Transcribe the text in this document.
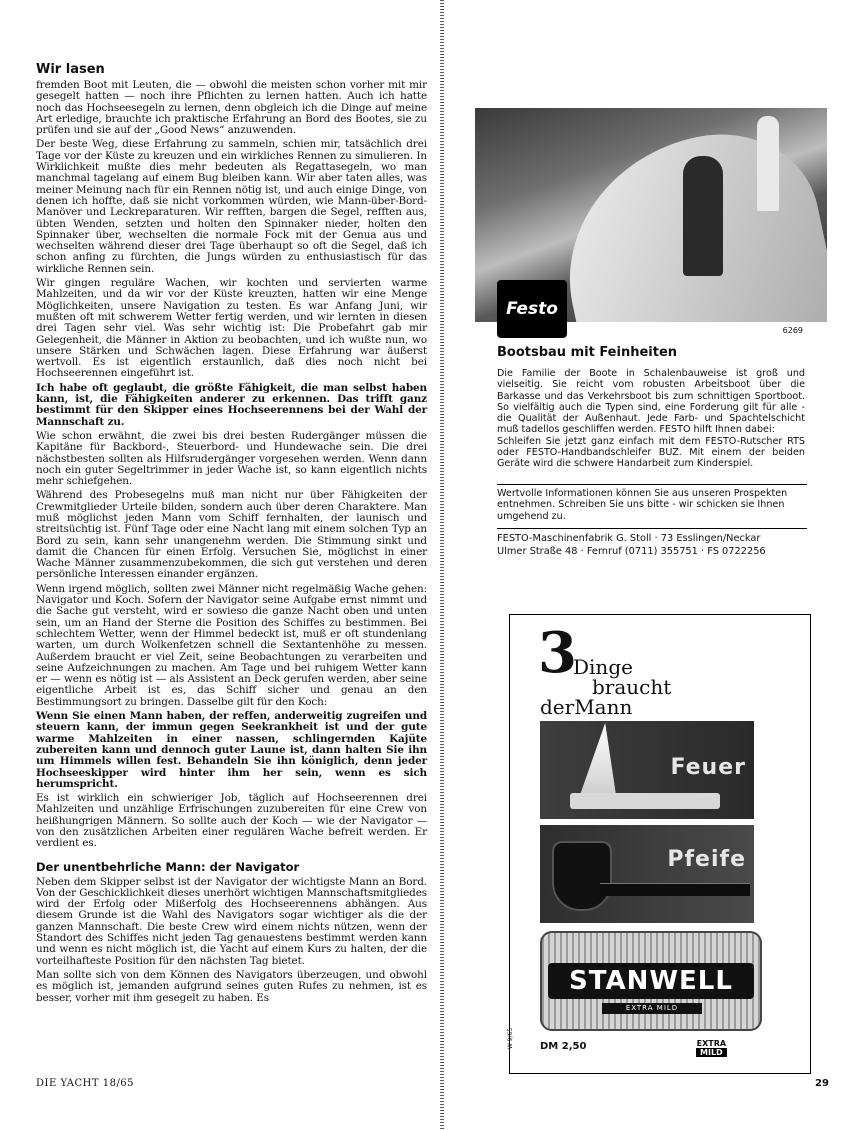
Wir lasen

fremden Boot mit Leuten, die — obwohl die meisten schon vorher mit mir gesegelt hatten — noch ihre Pflichten zu lernen hatten. Auch ich hatte noch das Hochseesegeln zu lernen, denn obgleich ich die Dinge auf meine Art erledige, brauchte ich praktische Erfahrung an Bord des Bootes, sie zu prüfen und sie auf der „Good News“ anzuwenden.

Der beste Weg, diese Erfahrung zu sammeln, schien mir, tatsächlich drei Tage vor der Küste zu kreuzen und ein wirkliches Rennen zu simulieren. In Wirklichkeit mußte dies mehr bedeuten als Regattasegeln, wo man manchmal tagelang auf einem Bug bleiben kann. Wir aber taten alles, was meiner Meinung nach für ein Rennen nötig ist, und auch einige Dinge, von denen ich hoffte, daß sie nicht vorkommen würden, wie Mann-über-Bord-Manöver und Leckreparaturen. Wir refften, bargen die Segel, refften aus, übten Wenden, setzten und holten den Spinnaker nieder, holten den Spinnaker über, wechselten die normale Fock mit der Genua aus und wechselten während dieser drei Tage überhaupt so oft die Segel, daß ich schon anfing zu fürchten, die Jungs würden zu enthusiastisch für das wirkliche Rennen sein.

Wir gingen reguläre Wachen, wir kochten und servierten warme Mahlzeiten, und da wir vor der Küste kreuzten, hatten wir eine Menge Möglichkeiten, unsere Navigation zu testen. Es war Anfang Juni, wir mußten oft mit schwerem Wetter fertig werden, und wir lernten in diesen drei Tagen sehr viel. Was sehr wichtig ist: Die Probefahrt gab mir Gelegenheit, die Männer in Aktion zu beobachten, und ich wußte nun, wo unsere Stärken und Schwächen lagen. Diese Erfahrung war äußerst wertvoll. Es ist eigentlich erstaunlich, daß dies noch nicht bei Hochseerennen eingeführt ist.

Ich habe oft geglaubt, die größte Fähigkeit, die man selbst haben kann, ist, die Fähigkeiten anderer zu erkennen. Das trifft ganz bestimmt für den Skipper eines Hochseerennens bei der Wahl der Mannschaft zu.

Wie schon erwähnt, die zwei bis drei besten Rudergänger müssen die Kapitäne für Backbord-, Steuerbord- und Hundewache sein. Die drei nächstbesten sollten als Hilfsrudergänger vorgesehen werden. Wenn dann noch ein guter Segeltrimmer in jeder Wache ist, so kann eigentlich nichts mehr schiefgehen.

Während des Probesegelns muß man nicht nur über Fähigkeiten der Crewmitglieder Urteile bilden, sondern auch über deren Charaktere. Man muß möglichst jeden Mann vom Schiff fernhalten, der launisch und streitsüchtig ist. Fünf Tage oder eine Nacht lang mit einem solchen Typ an Bord zu sein, kann sehr unangenehm werden. Die Stimmung sinkt und damit die Chancen für einen Erfolg. Versuchen Sie, möglichst in einer Wache Männer zusammenzubekommen, die sich gut verstehen und deren persönliche Interessen einander ergänzen.

Wenn irgend möglich, sollten zwei Männer nicht regelmäßig Wache gehen: Navigator und Koch. Sofern der Navigator seine Aufgabe ernst nimmt und die Sache gut versteht, wird er sowieso die ganze Nacht oben und unten sein, um an Hand der Sterne die Position des Schiffes zu bestimmen. Bei schlechtem Wetter, wenn der Himmel bedeckt ist, muß er oft stundenlang warten, um durch Wolkenfetzen schnell die Sextantenhöhe zu messen. Außerdem braucht er viel Zeit, seine Beobachtungen zu verarbeiten und seine Aufzeichnungen zu machen. Am Tage und bei ruhigem Wetter kann er — wenn es nötig ist — als Assistent an Deck gerufen werden, aber seine eigentliche Arbeit ist es, das Schiff sicher und genau an den Bestimmungsort zu bringen. Dasselbe gilt für den Koch:

Wenn Sie einen Mann haben, der reffen, anderweitig zugreifen und steuern kann, der immun gegen Seekrankheit ist und der gute warme Mahlzeiten in einer nassen, schlingernden Kajüte zubereiten kann und dennoch guter Laune ist, dann halten Sie ihn um Himmels willen fest. Behandeln Sie ihn königlich, denn jeder Hochseeskipper wird hinter ihm her sein, wenn es sich herumspricht.

Es ist wirklich ein schwieriger Job, täglich auf Hochseerennen drei Mahlzeiten und unzählige Erfrischungen zuzubereiten für eine Crew von heißhungrigen Männern. So sollte auch der Koch — wie der Navigator — von den zusätzlichen Arbeiten einer regulären Wache befreit werden. Er verdient es.

Der unentbehrliche Mann: der Navigator

Neben dem Skipper selbst ist der Navigator der wichtigste Mann an Bord. Von der Geschicklichkeit dieses unerhört wichtigen Mannschaftsmitgliedes wird der Erfolg oder Mißerfolg des Hochseerennens abhängen. Aus diesem Grunde ist die Wahl des Navigators sogar wichtiger als die der ganzen Mannschaft. Die beste Crew wird einem nichts nützen, wenn der Standort des Schiffes nicht jeden Tag genauestens bestimmt werden kann und wenn es nicht möglich ist, die Yacht auf einem Kurs zu halten, der die vorteilhafteste Position für den nächsten Tag bietet.

Man sollte sich von dem Können des Navigators überzeugen, und obwohl es möglich ist, jemanden aufgrund seines guten Rufes zu nehmen, ist es besser, vorher mit ihm gesegelt zu haben. Es

DIE YACHT 18/65	29
Festo
6269
Bootsbau mit Feinheiten

Die Familie der Boote in Schalenbauweise ist groß und vielseitig. Sie reicht vom robusten Arbeitsboot über die Barkasse und das Verkehrsboot bis zum schnittigen Sportboot. So vielfältig auch die Typen sind, eine Forderung gilt für alle - die Qualität der Außenhaut. Jede Farb- und Spachtelschicht muß tadellos geschliffen werden. FESTO hilft Ihnen dabei:

Schleifen Sie jetzt ganz einfach mit dem FESTO-Rutscher RTS oder FESTO-Handbandschleifer BUZ. Mit einem der beiden Geräte wird die schwere Handarbeit zum Kinderspiel.

Wertvolle Informationen können Sie aus unseren Prospekten entnehmen. Schreiben Sie uns bitte - wir schicken sie Ihnen umgehend zu.
FESTO-Maschinenfabrik G. Stoll · 73 Esslingen/Neckar
Ulmer Straße 48 · Fernruf (0711) 355751 · FS 0722256
3
Dinge
braucht
derMann
Feuer
Pfeife
STANWELL
EXTRA MILD
W 9/65	DM 2,50	EXTRA
MILD
